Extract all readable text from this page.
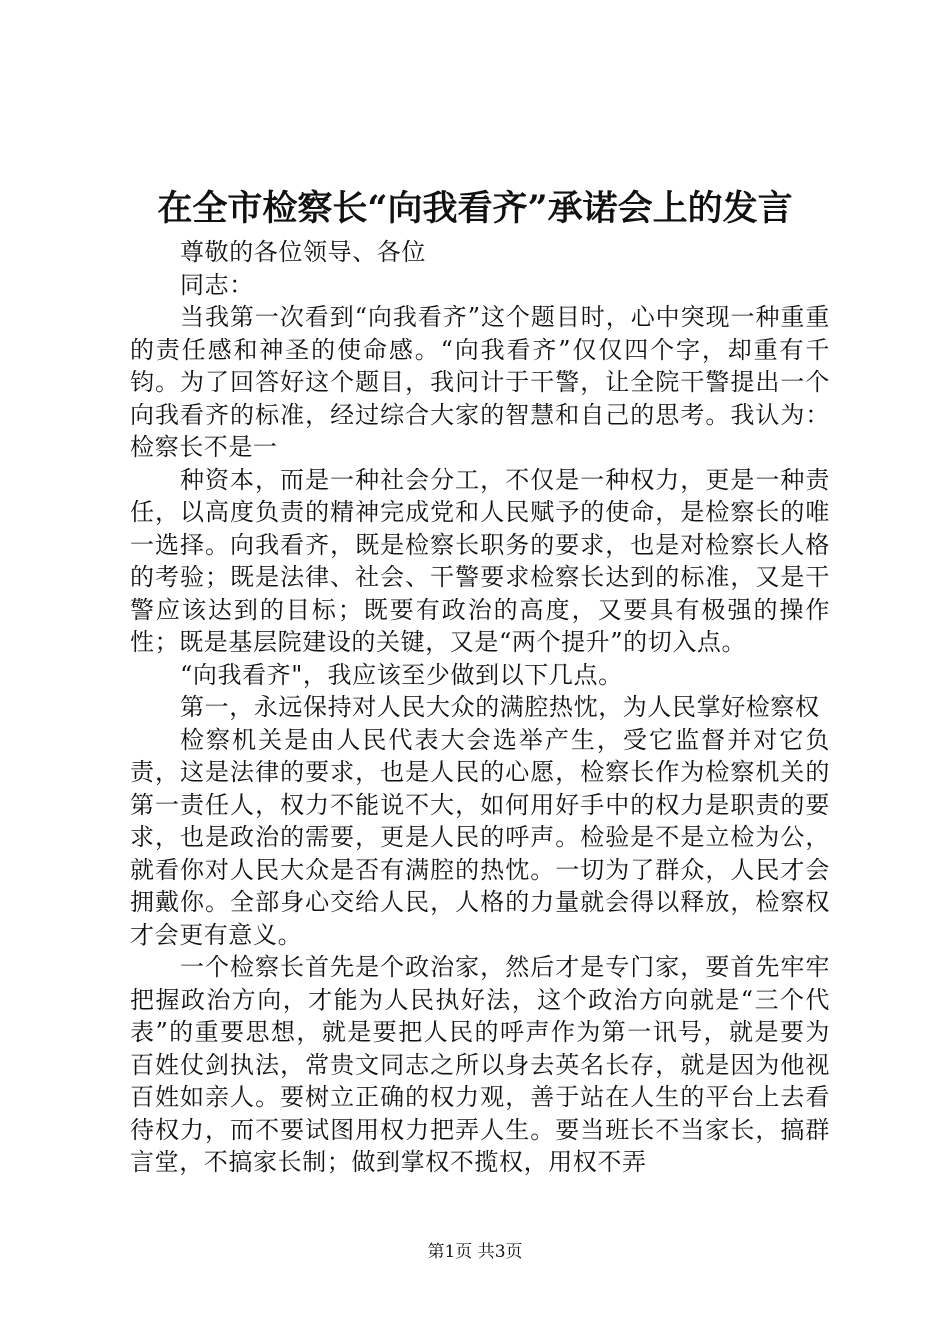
在全市检察长“向我看齐”承诺会上的发言

尊敬的各位领导、各位

同志：

当我第一次看到“向我看齐”这个题目时，心中突现一种重重的责任感和神圣的使命感。“向我看齐”仅仅四个字，却重有千钧。为了回答好这个题目，我问计于干警，让全院干警提出一个向我看齐的标准，经过综合大家的智慧和自己的思考。我认为：检察长不是一

种资本，而是一种社会分工，不仅是一种权力，更是一种责任，以高度负责的精神完成党和人民赋予的使命，是检察长的唯一选择。向我看齐，既是检察长职务的要求，也是对检察长人格的考验；既是法律、社会、干警要求检察长达到的标准，又是干警应该达到的目标；既要有政治的高度，又要具有极强的操作性；既是基层院建设的关键，又是“两个提升”的切入点。

“向我看齐"，我应该至少做到以下几点。

第一，永远保持对人民大众的满腔热忱，为人民掌好检察权

检察机关是由人民代表大会选举产生，受它监督并对它负责，这是法律的要求，也是人民的心愿，检察长作为检察机关的第一责任人，权力不能说不大，如何用好手中的权力是职责的要求，也是政治的需要，更是人民的呼声。检验是不是立检为公，就看你对人民大众是否有满腔的热忱。一切为了群众，人民才会拥戴你。全部身心交给人民，人格的力量就会得以释放，检察权才会更有意义。

一个检察长首先是个政治家，然后才是专门家，要首先牢牢把握政治方向，才能为人民执好法，这个政治方向就是“三个代表”的重要思想，就是要把人民的呼声作为第一讯号，就是要为百姓仗剑执法，常贵文同志之所以身去英名长存，就是因为他视百姓如亲人。要树立正确的权力观，善于站在人生的平台上去看待权力，而不要试图用权力把弄人生。要当班长不当家长，搞群言堂，不搞家长制；做到掌权不揽权，用权不弄

第1页 共3页
